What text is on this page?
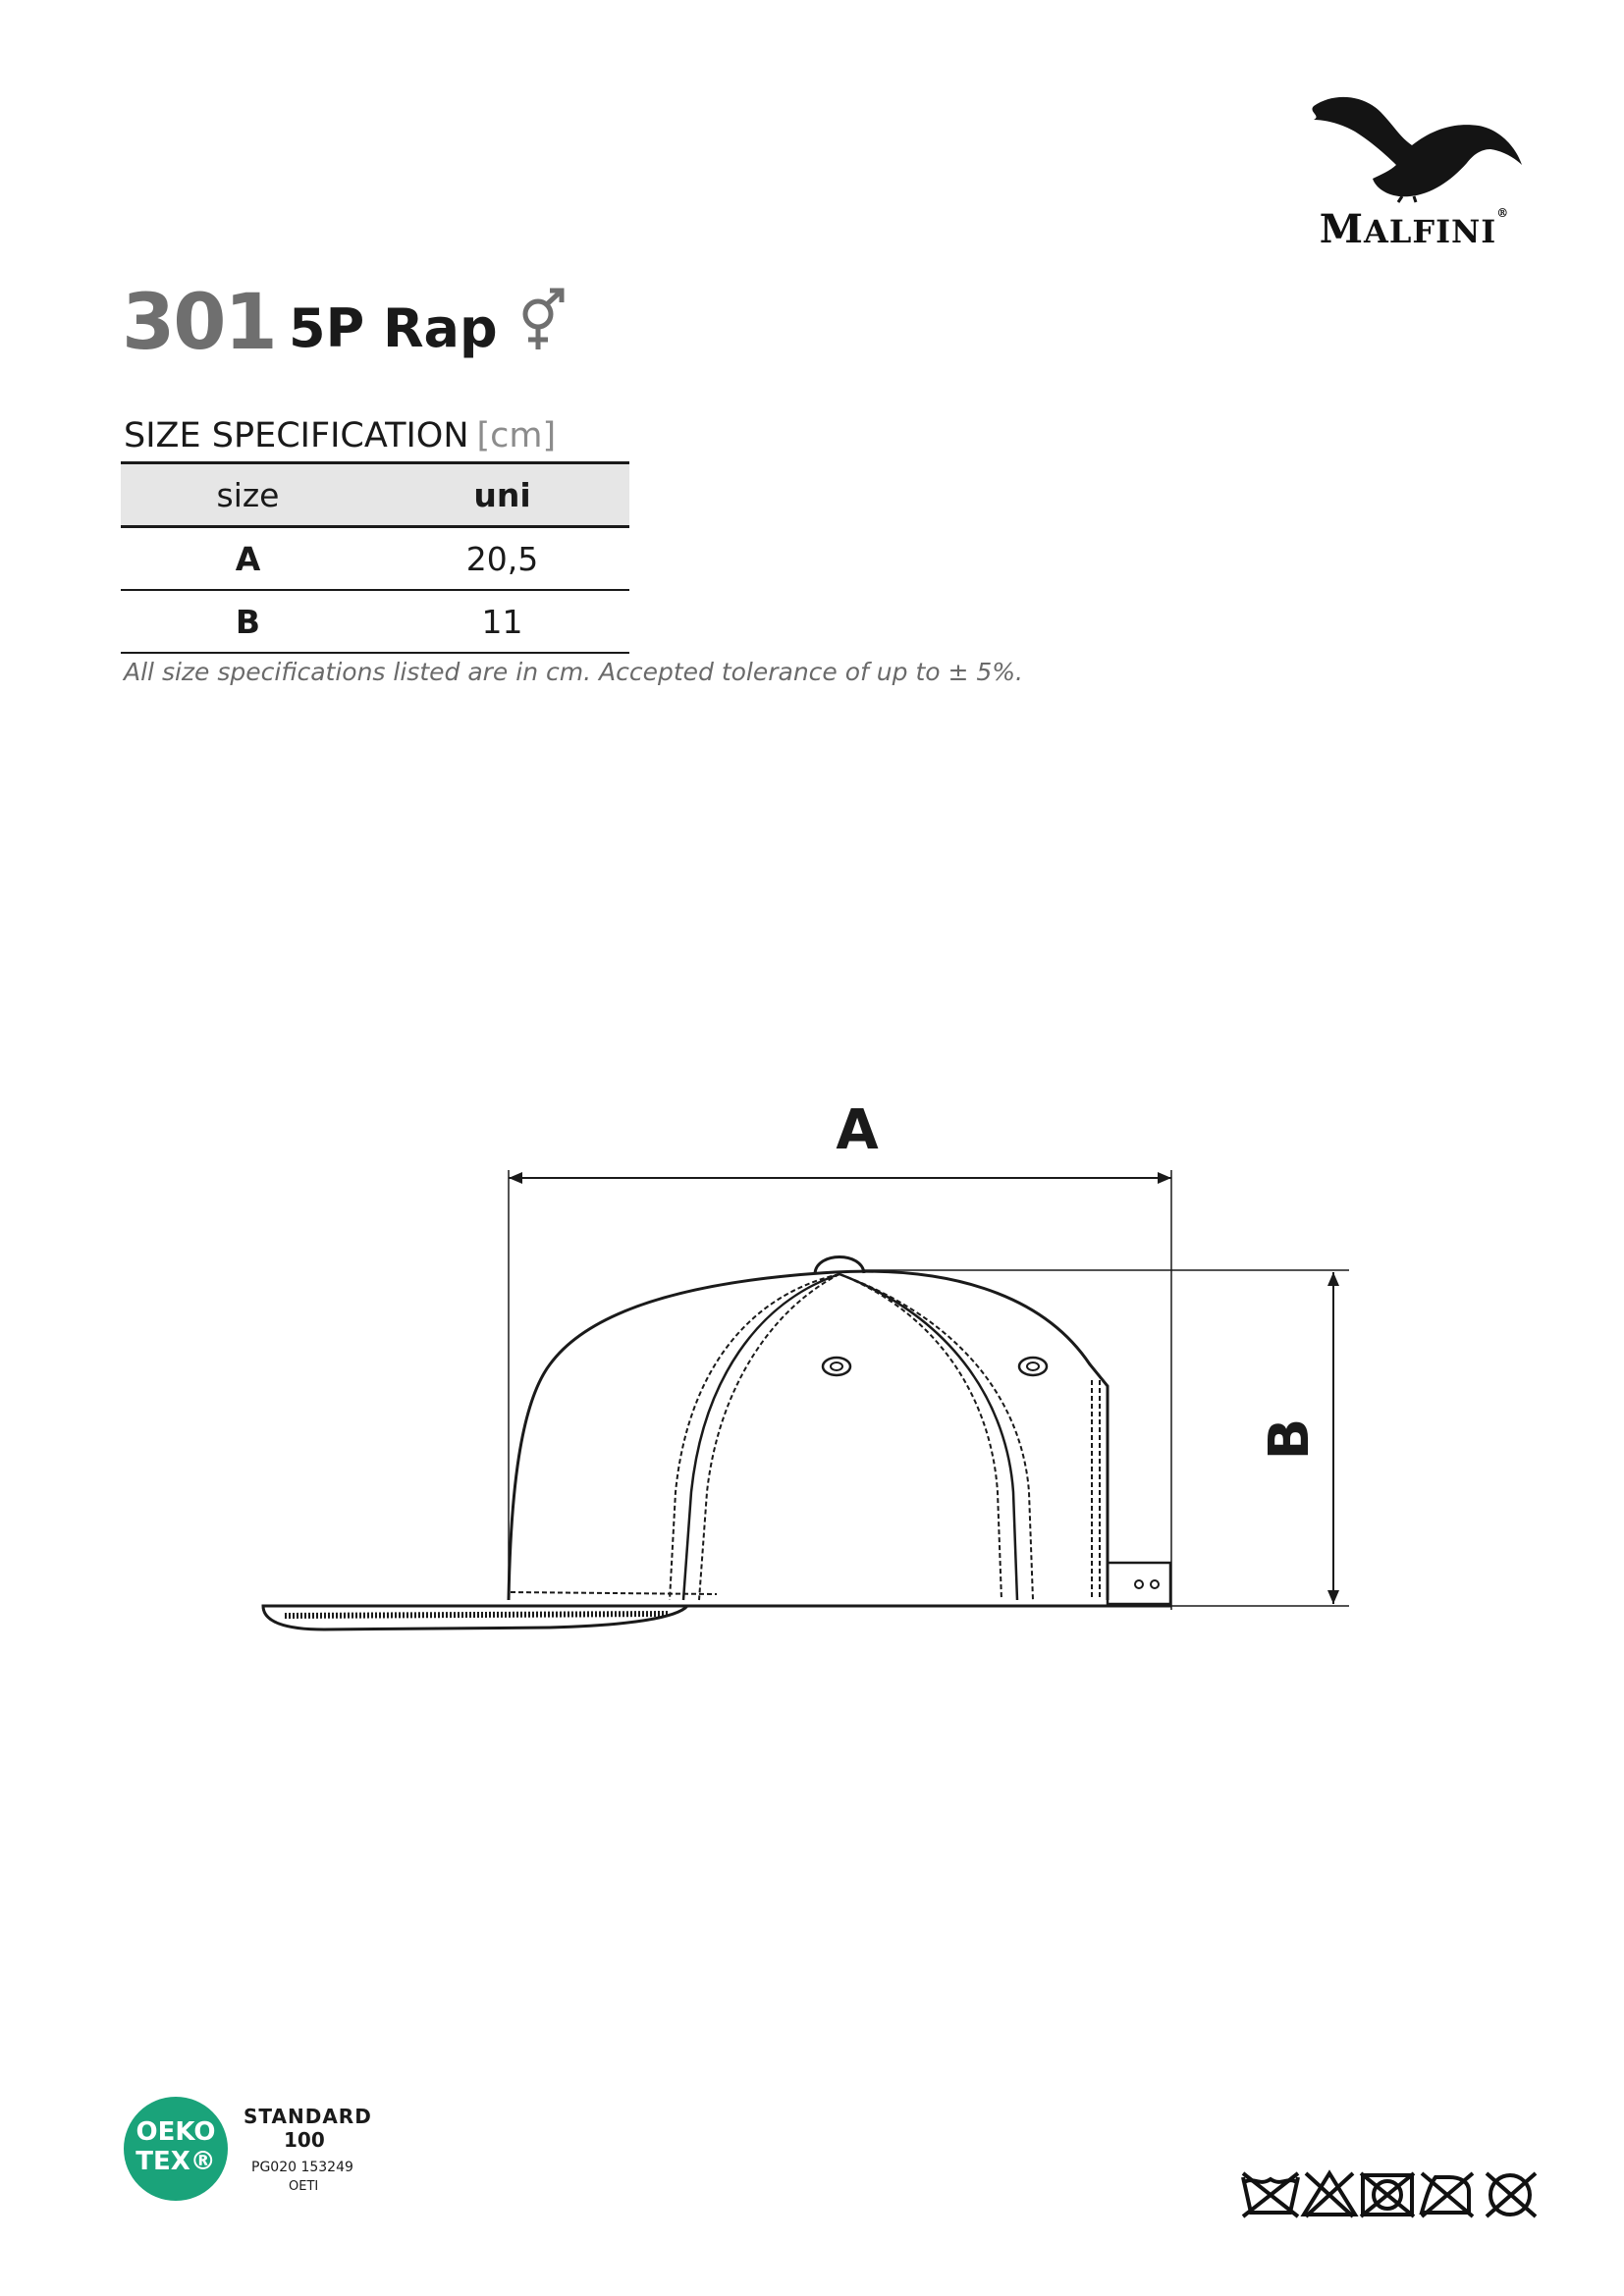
MALFINI®
301 5P Rap
SIZE SPECIFICATION [cm]
size	uni
A	20,5
B	11
All size specifications listed are in cm. Accepted tolerance of up to ± 5%.
A
B
OEKO
TEX®
STANDARD
100
PG020 153249
OETI
